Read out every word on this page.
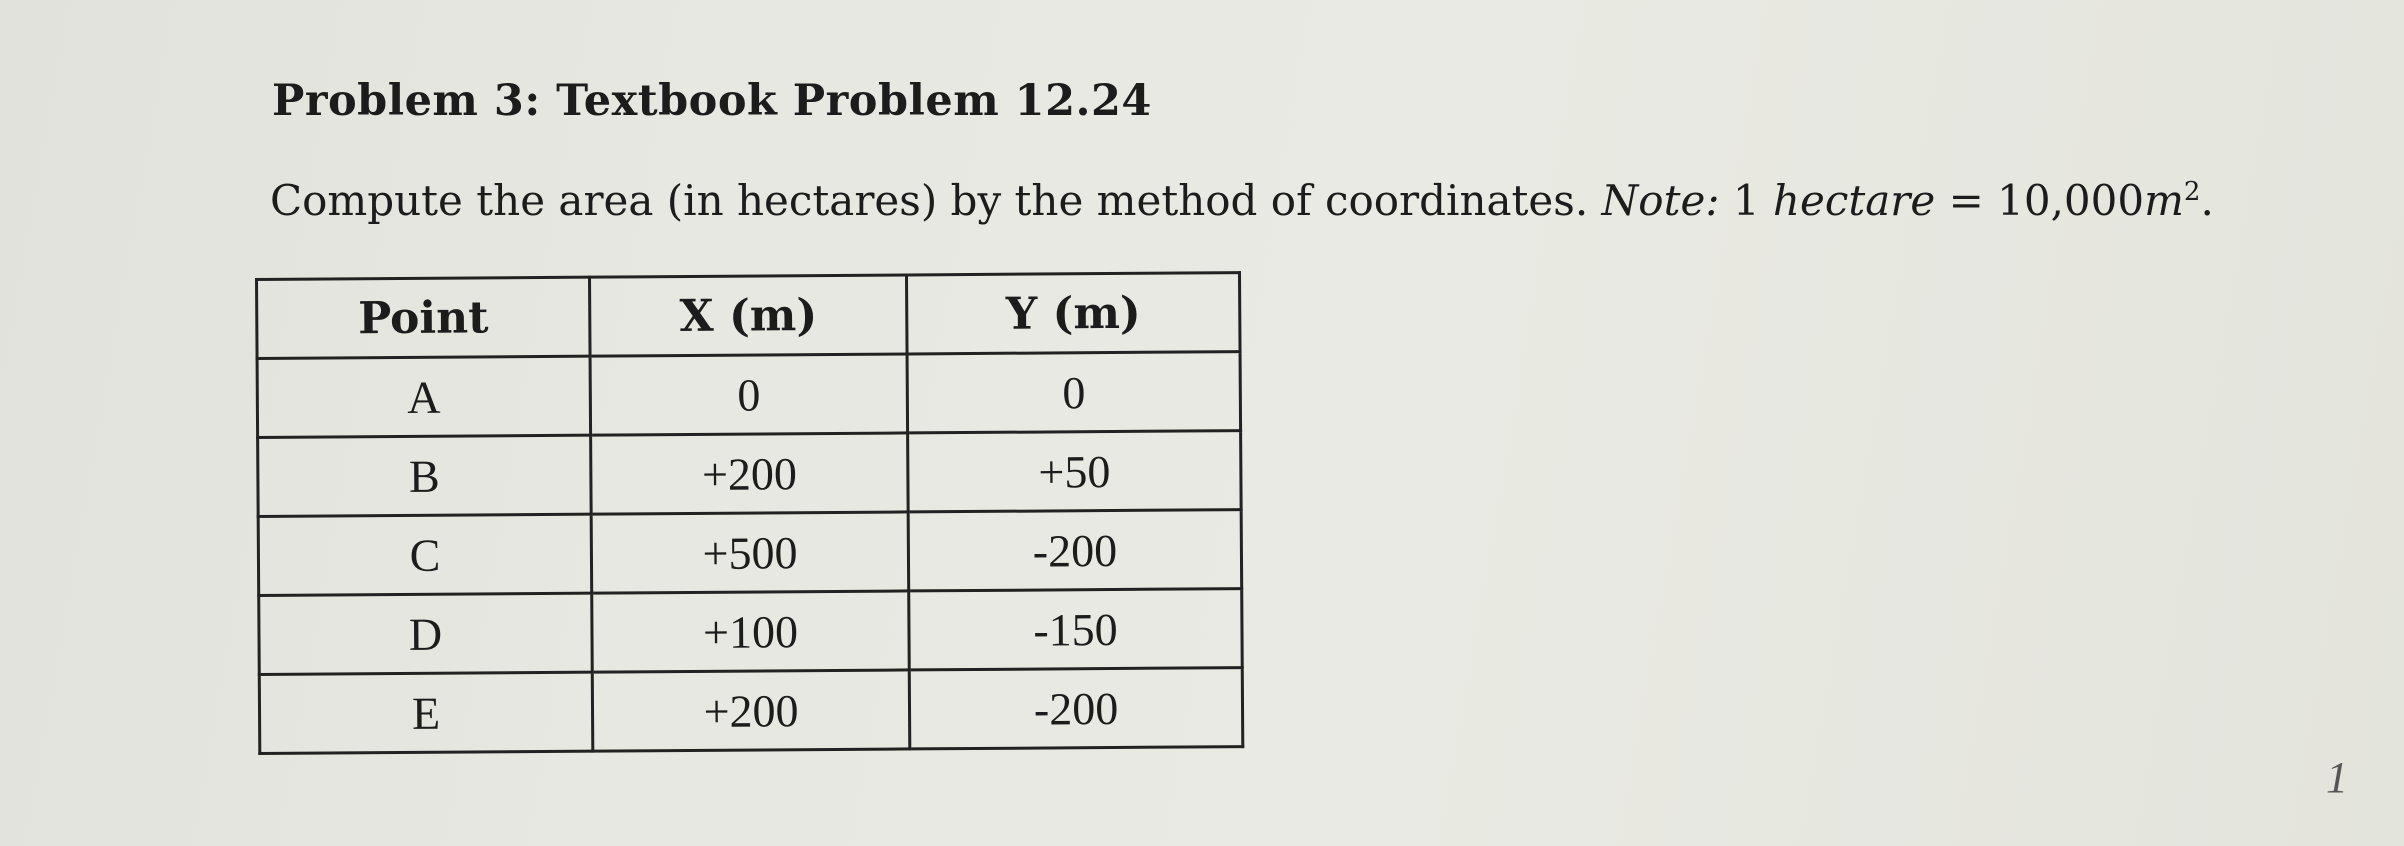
Problem 3: Textbook Problem 12.24
Compute the area (in hectares) by the method of coordinates. Note: 1 hectare = $10,000m^2$.
Point	X (m)	Y (m)
A	0	0
B	+200	+50
C	+500	-200
D	+100	-150
E	+200	-200
1
